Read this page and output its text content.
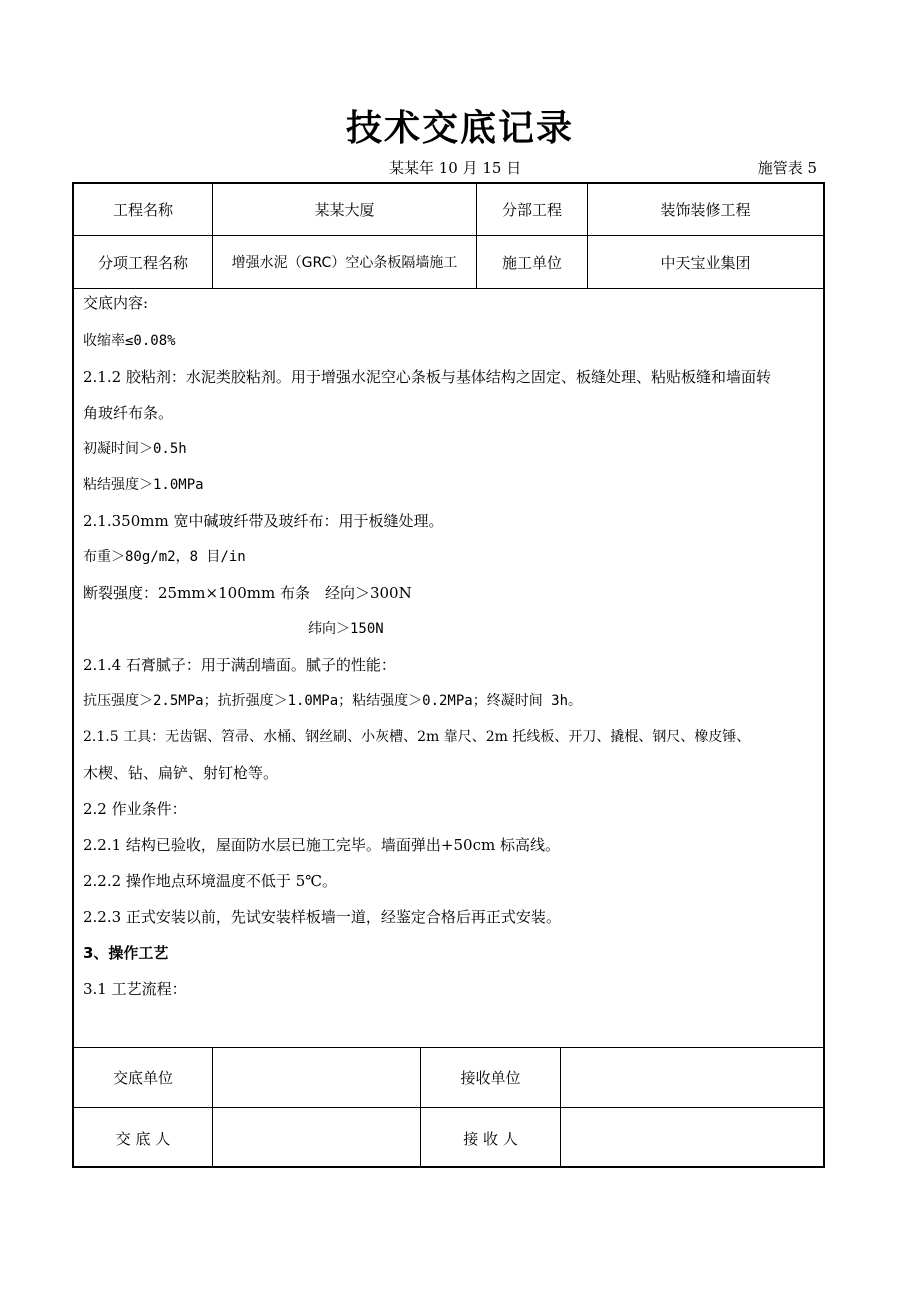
技术交底记录
某某年 10 月 15 日	施管表 5
工程名称	某某大厦	分部工程	装饰装修工程
分项工程名称	增强水泥（GRC）空心条板隔墙施工	施工单位	中天宝业集团
交底内容:
收缩率≤0.08%
2.1.2 胶粘剂：水泥类胶粘剂。用于增强水泥空心条板与基体结构之固定、板缝处理、粘贴板缝和墙面转
角玻纤布条。
初凝时间＞0.5h
粘结强度＞1.0MPa
2.1.350mm 宽中碱玻纤带及玻纤布：用于板缝处理。
布重＞80g/m2，8 目/in
断裂强度：25mm×100mm 布条　经向＞300N
纬向＞150N
2.1.4 石膏腻子：用于满刮墙面。腻子的性能：
抗压强度＞2.5MPa；抗折强度＞1.0MPa；粘结强度＞0.2MPa；终凝时间 3h。
2.1.5 工具：无齿锯、笤帚、水桶、钢丝刷、小灰槽、2m 靠尺、2m 托线板、开刀、撬棍、钢尺、橡皮锤、
木楔、钻、扁铲、射钉枪等。
2.2 作业条件：
2.2.1 结构已验收，屋面防水层已施工完毕。墙面弹出+50cm 标高线。
2.2.2 操作地点环境温度不低于 5℃。
2.2.3 正式安装以前，先试安装样板墙一道，经鉴定合格后再正式安装。
3、操作工艺
3.1 工艺流程：
交底单位	接收单位
交 底 人	接 收 人
